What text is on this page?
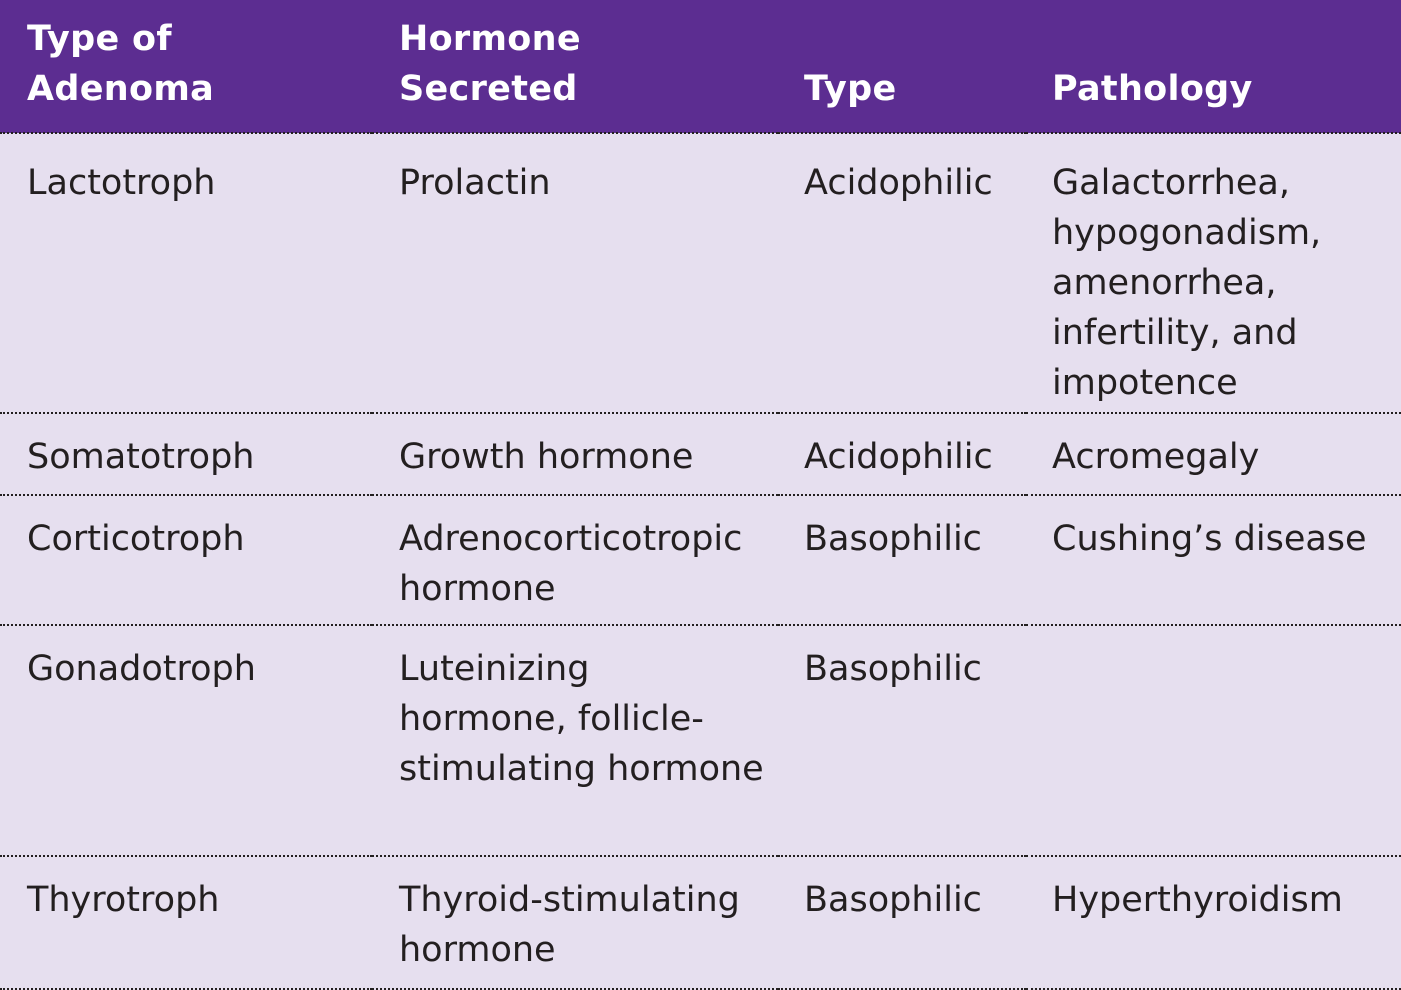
Type of Adenoma	Hormone Secreted	Type	Pathology
Lactotroph	Prolactin	Acidophilic	Galactorrhea, hypogonadism, amenorrhea, infertility, and impotence
Somatotroph	Growth hormone	Acidophilic	Acromegaly
Corticotroph	Adrenocorticotropic hormone	Basophilic	Cushing’s disease
Gonadotroph	Luteinizing hormone, follicle-stimulating hormone	Basophilic	
Thyrotroph	Thyroid-stimulating hormone	Basophilic	Hyperthyroidism
